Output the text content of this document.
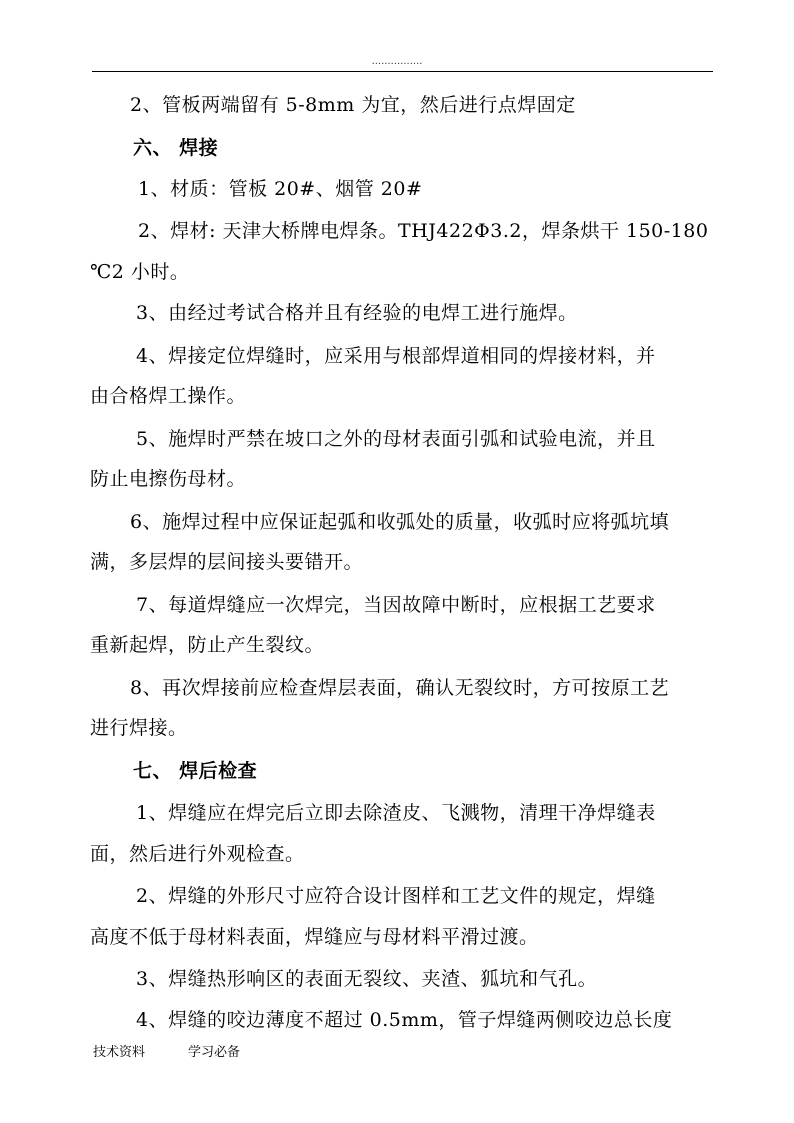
................
2、管板两端留有 5-8mm 为宜，然后进行点焊固定
六、 焊接
1、材质：管板 20#、烟管 20#
2、焊材: 天津大桥牌电焊条。THJ422Φ3.2，焊条烘干 150-180
℃2 小时。
3、由经过考试合格并且有经验的电焊工进行施焊。
4、焊接定位焊缝时，应采用与根部焊道相同的焊接材料，并
由合格焊工操作。
5、施焊时严禁在坡口之外的母材表面引弧和试验电流，并且
防止电擦伤母材。
6、施焊过程中应保证起弧和收弧处的质量，收弧时应将弧坑填
满，多层焊的层间接头要错开。
7、每道焊缝应一次焊完，当因故障中断时，应根据工艺要求
重新起焊，防止产生裂纹。
8、再次焊接前应检查焊层表面，确认无裂纹时，方可按原工艺
进行焊接。
七、 焊后检查
1、焊缝应在焊完后立即去除渣皮、飞溅物，清理干净焊缝表
面，然后进行外观检查。
2、焊缝的外形尺寸应符合设计图样和工艺文件的规定，焊缝
高度不低于母材料表面，焊缝应与母材料平滑过渡。
3、焊缝热形响区的表面无裂纹、夹渣、狐坑和气孔。
4、焊缝的咬边薄度不超过 0.5mm，管子焊缝两侧咬边总长度
技术资料	学习必备
